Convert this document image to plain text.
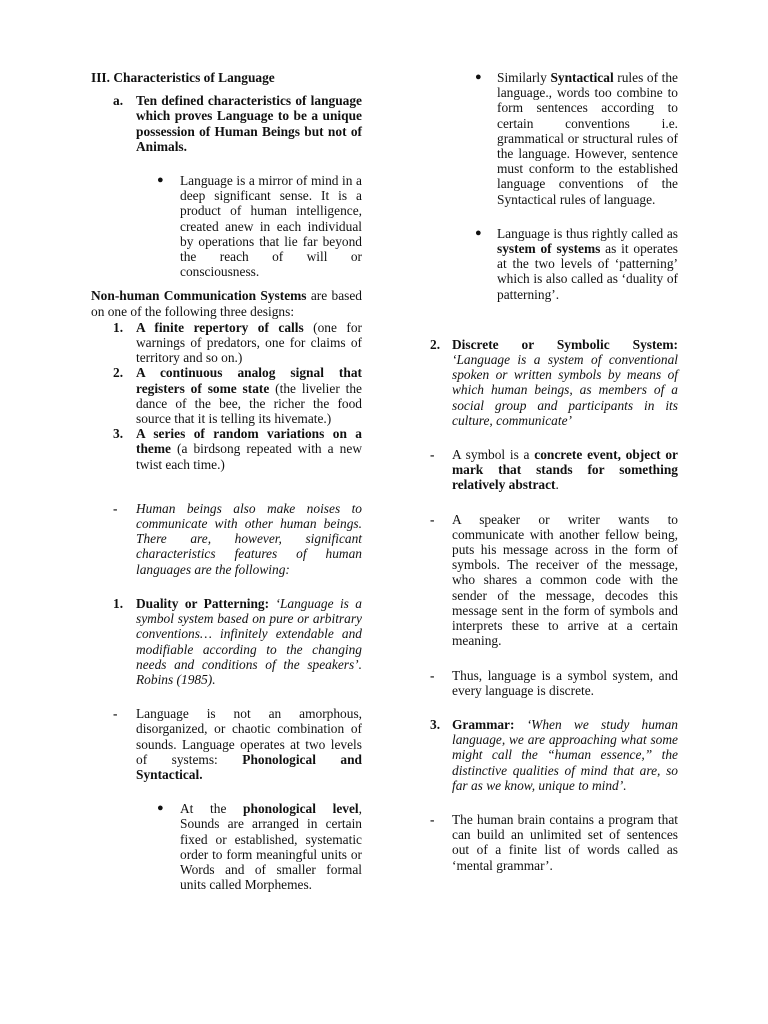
III. Characteristics of Language
a. Ten defined characteristics of language which proves Language to be a unique possession of Human Beings but not of Animals.
● Language is a mirror of mind in a deep significant sense. It is a product of human intelligence, created anew in each individual by operations that lie far beyond the reach of will or consciousness.
Non-human Communication Systems are based on one of the following three designs:
1. A finite repertory of calls (one for warnings of predators, one for claims of territory and so on.)
2. A continuous analog signal that registers of some state (the livelier the dance of the bee, the richer the food source that it is telling its hivemate.)
3. A series of random variations on a theme (a birdsong repeated with a new twist each time.)
- Human beings also make noises to communicate with other human beings. There are, however, significant characteristics features of human languages are the following:
1. Duality or Patterning: ‘Language is a symbol system based on pure or arbitrary conventions… infinitely extendable and modifiable according to the changing needs and conditions of the speakers’. Robins (1985).
- Language is not an amorphous, disorganized, or chaotic combination of sounds. Language operates at two levels of systems: Phonological and Syntactical.
● At the phonological level, Sounds are arranged in certain fixed or established, systematic order to form meaningful units or Words and of smaller formal units called Morphemes.
● Similarly Syntactical rules of the language., words too combine to form sentences according to certain conventions i.e. grammatical or structural rules of the language. However, sentence must conform to the established language conventions of the Syntactical rules of language.
● Language is thus rightly called as system of systems as it operates at the two levels of ‘patterning’ which is also called as ‘duality of patterning’.
2. Discrete or Symbolic System: ‘Language is a system of conventional spoken or written symbols by means of which human beings, as members of a social group and participants in its culture, communicate’
- A symbol is a concrete event, object or mark that stands for something relatively abstract.
- A speaker or writer wants to communicate with another fellow being, puts his message across in the form of symbols. The receiver of the message, who shares a common code with the sender of the message, decodes this message sent in the form of symbols and interprets these to arrive at a certain meaning.
- Thus, language is a symbol system, and every language is discrete.
3. Grammar: ‘When we study human language, we are approaching what some might call the “human essence,” the distinctive qualities of mind that are, so far as we know, unique to mind’.
- The human brain contains a program that can build an unlimited set of sentences out of a finite list of words called as ‘mental grammar’.
